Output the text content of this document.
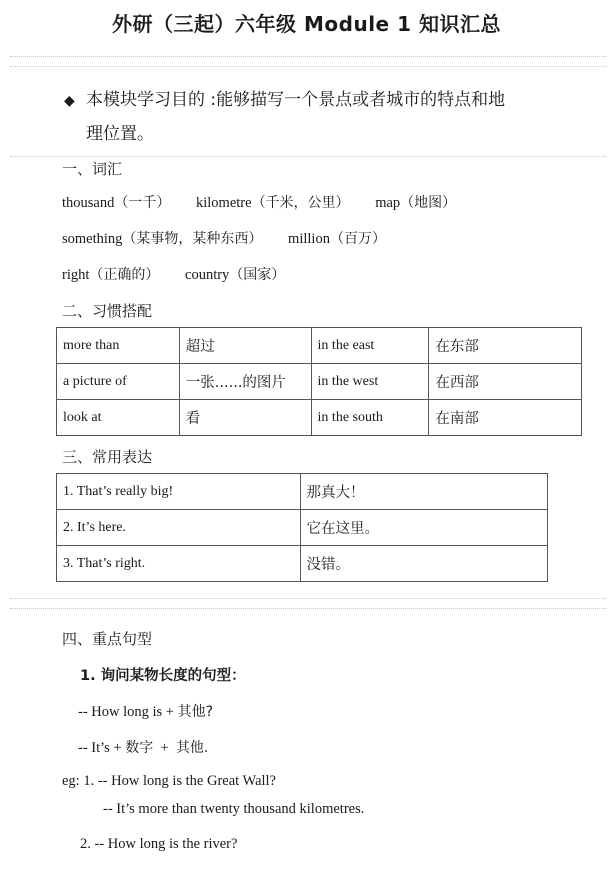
外研（三起）六年级 Module 1 知识汇总

◆ 本模块学习目的 :能够描写一个景点或者城市的特点和地
理位置。

一、词汇
thousand（一千） kilometre（千米，公里） map（地图）
something（某事物，某种东西） million（百万）
right（正确的） country（国家）
二、习惯搭配
more than	超过	in the east	在东部
a picture of	一张......的图片	in the west	在西部
look at	看	in the south	在南部
三、常用表达
1. That’s really big!	那真大！
2. It’s here.	它在这里。
3. That’s right.	没错。
四、重点句型
1. 询问某物长度的句型：
-- How long is + 其他?
-- It’s + 数字 + 其他.
eg: 1. -- How long is the Great Wall?
-- It’s more than twenty thousand kilometres.
2. -- How long is the river?
